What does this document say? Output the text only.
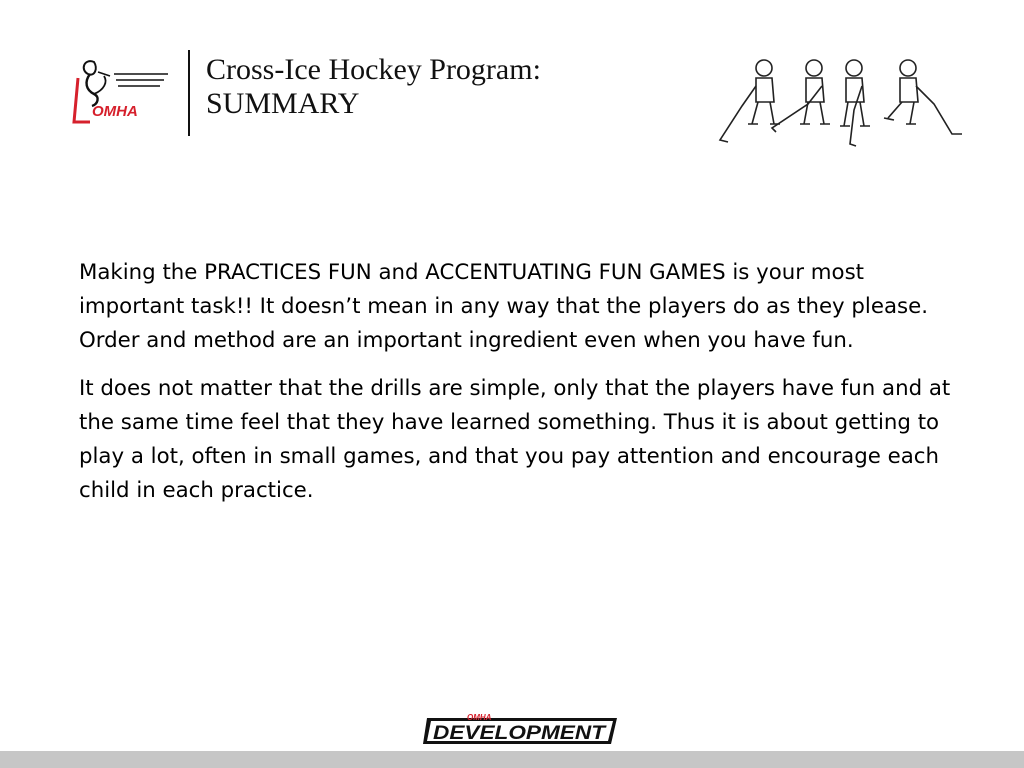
OMHA
Cross-Ice Hockey Program:
SUMMARY

Making the PRACTICES FUN and ACCENTUATING FUN GAMES is your most important task!! It doesn’t mean in any way that the players do as they please. Order and method are an important ingredient even when you have fun.

It does not matter that the drills are simple, only that the players have fun and at the same time feel that they have learned something. Thus it is about getting to play a lot, often in small games, and that you pay attention and encourage each child in each practice.

OMHA
DEVELOPMENT
